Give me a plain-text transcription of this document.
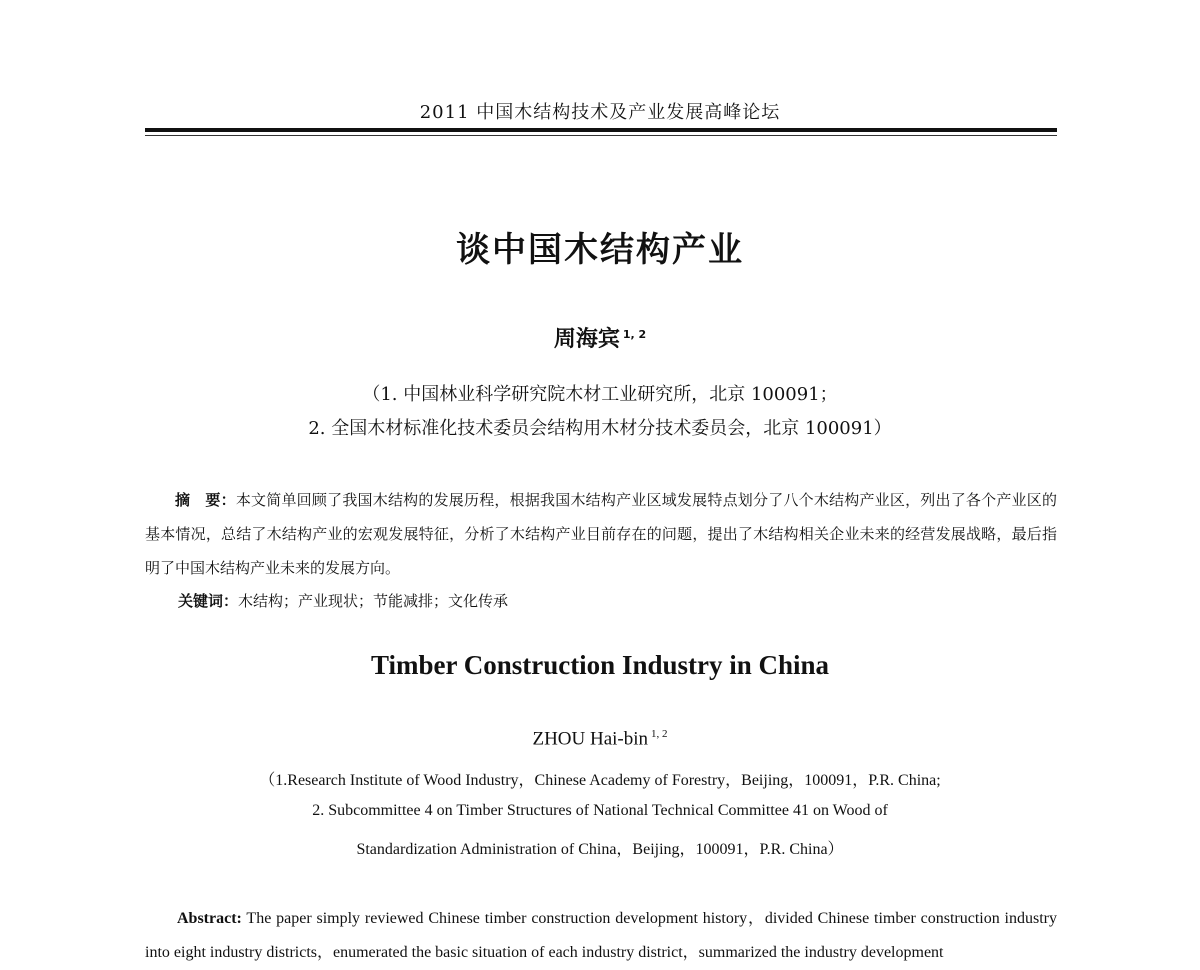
2011 中国木结构技术及产业发展高峰论坛
谈中国木结构产业
周海宾 $^{1, 2}$
（1. 中国林业科学研究院木材工业研究所，北京 100091；
2. 全国木材标准化技术委员会结构用木材分技术委员会，北京 100091）
摘　要：本文简单回顾了我国木结构的发展历程，根据我国木结构产业区域发展特点划分了八个木结构产业区，列出了各个产业区的基本情况，总结了木结构产业的宏观发展特征，分析了木结构产业目前存在的问题，提出了木结构相关企业未来的经营发展战略，最后指明了中国木结构产业未来的发展方向。
关键词：木结构；产业现状；节能减排；文化传承
Timber Construction Industry in China
ZHOU Hai-bin $^{1, 2}$
（1.Research Institute of Wood Industry，Chinese Academy of Forestry，Beijing，100091，P.R. China;
2. Subcommittee 4 on Timber Structures of National Technical Committee 41 on Wood of
Standardization Administration of China，Beijing，100091，P.R. China）
Abstract: The paper simply reviewed Chinese timber construction development history，divided Chinese timber construction industry into eight industry districts，enumerated the basic situation of each industry district，summarized the industry development
